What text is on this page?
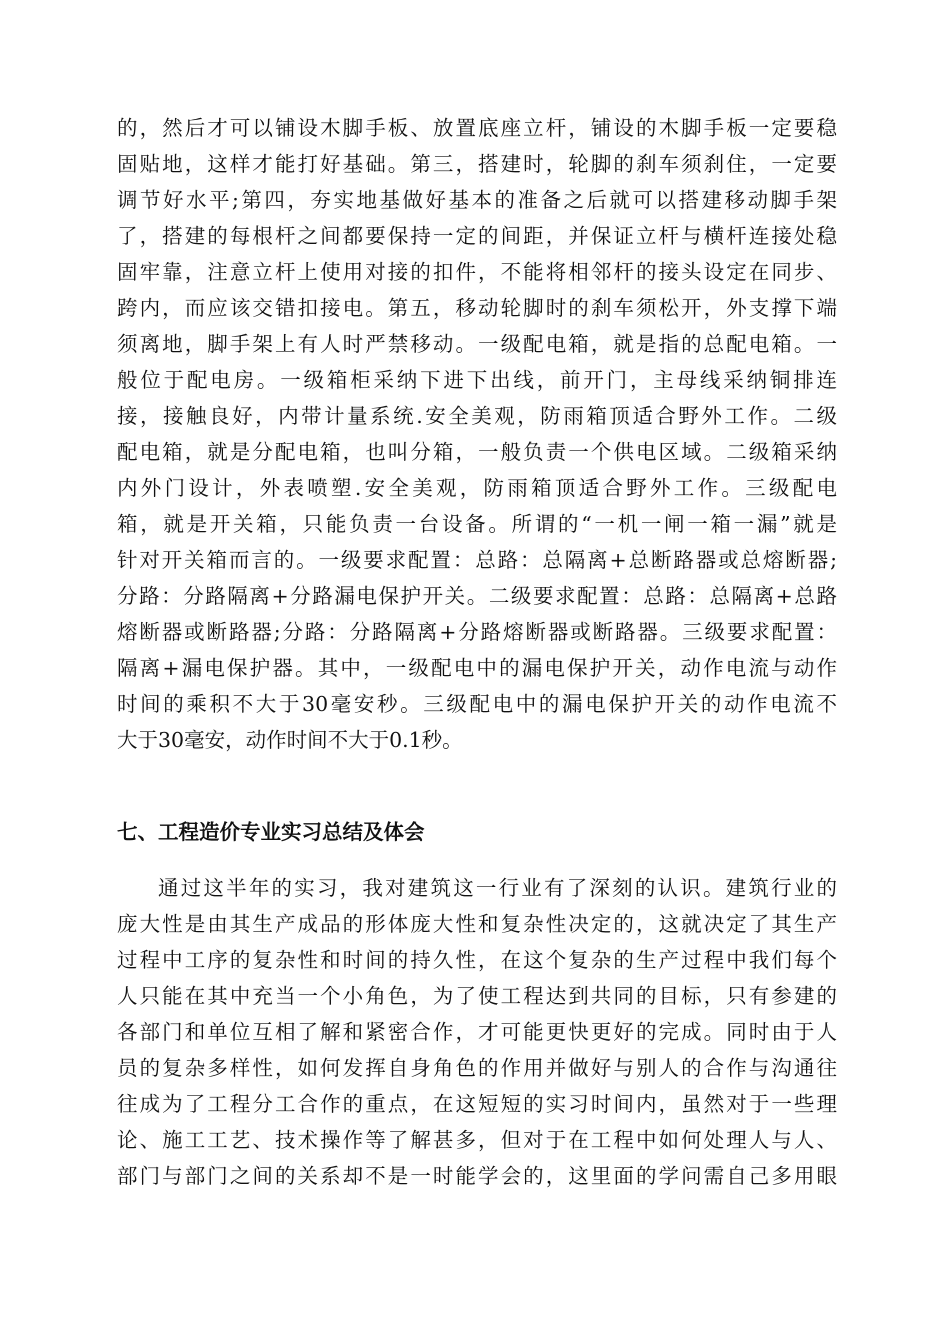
的，然后才可以铺设木脚手板、放置底座立杆，铺设的木脚手板一定要稳
固贴地，这样才能打好基础。第三，搭建时，轮脚的刹车须刹住，一定要
调节好水平;第四，夯实地基做好基本的准备之后就可以搭建移动脚手架
了，搭建的每根杆之间都要保持一定的间距，并保证立杆与横杆连接处稳
固牢靠，注意立杆上使用对接的扣件，不能将相邻杆的接头设定在同步、
跨内，而应该交错扣接电。第五，移动轮脚时的刹车须松开，外支撑下端
须离地，脚手架上有人时严禁移动。一级配电箱，就是指的总配电箱。一
般位于配电房。一级箱柜采纳下进下出线，前开门，主母线采纳铜排连
接，接触良好，内带计量系统.安全美观，防雨箱顶适合野外工作。二级
配电箱，就是分配电箱，也叫分箱，一般负责一个供电区域。二级箱采纳
内外门设计，外表喷塑.安全美观，防雨箱顶适合野外工作。三级配电
箱，就是开关箱，只能负责一台设备。所谓的“一机一闸一箱一漏”就是
针对开关箱而言的。一级要求配置：总路：总隔离+总断路器或总熔断器;
分路：分路隔离+分路漏电保护开关。二级要求配置：总路：总隔离+总路
熔断器或断路器;分路：分路隔离+分路熔断器或断路器。三级要求配置：
隔离+漏电保护器。其中，一级配电中的漏电保护开关，动作电流与动作
时间的乘积不大于30毫安秒。三级配电中的漏电保护开关的动作电流不
大于30毫安，动作时间不大于0.1秒。
七、工程造价专业实习总结及体会
通过这半年的实习，我对建筑这一行业有了深刻的认识。建筑行业的
庞大性是由其生产成品的形体庞大性和复杂性决定的，这就决定了其生产
过程中工序的复杂性和时间的持久性，在这个复杂的生产过程中我们每个
人只能在其中充当一个小角色，为了使工程达到共同的目标，只有参建的
各部门和单位互相了解和紧密合作，才可能更快更好的完成。同时由于人
员的复杂多样性，如何发挥自身角色的作用并做好与别人的合作与沟通往
往成为了工程分工合作的重点，在这短短的实习时间内，虽然对于一些理
论、施工工艺、技术操作等了解甚多，但对于在工程中如何处理人与人、
部门与部门之间的关系却不是一时能学会的，这里面的学问需自己多用眼
